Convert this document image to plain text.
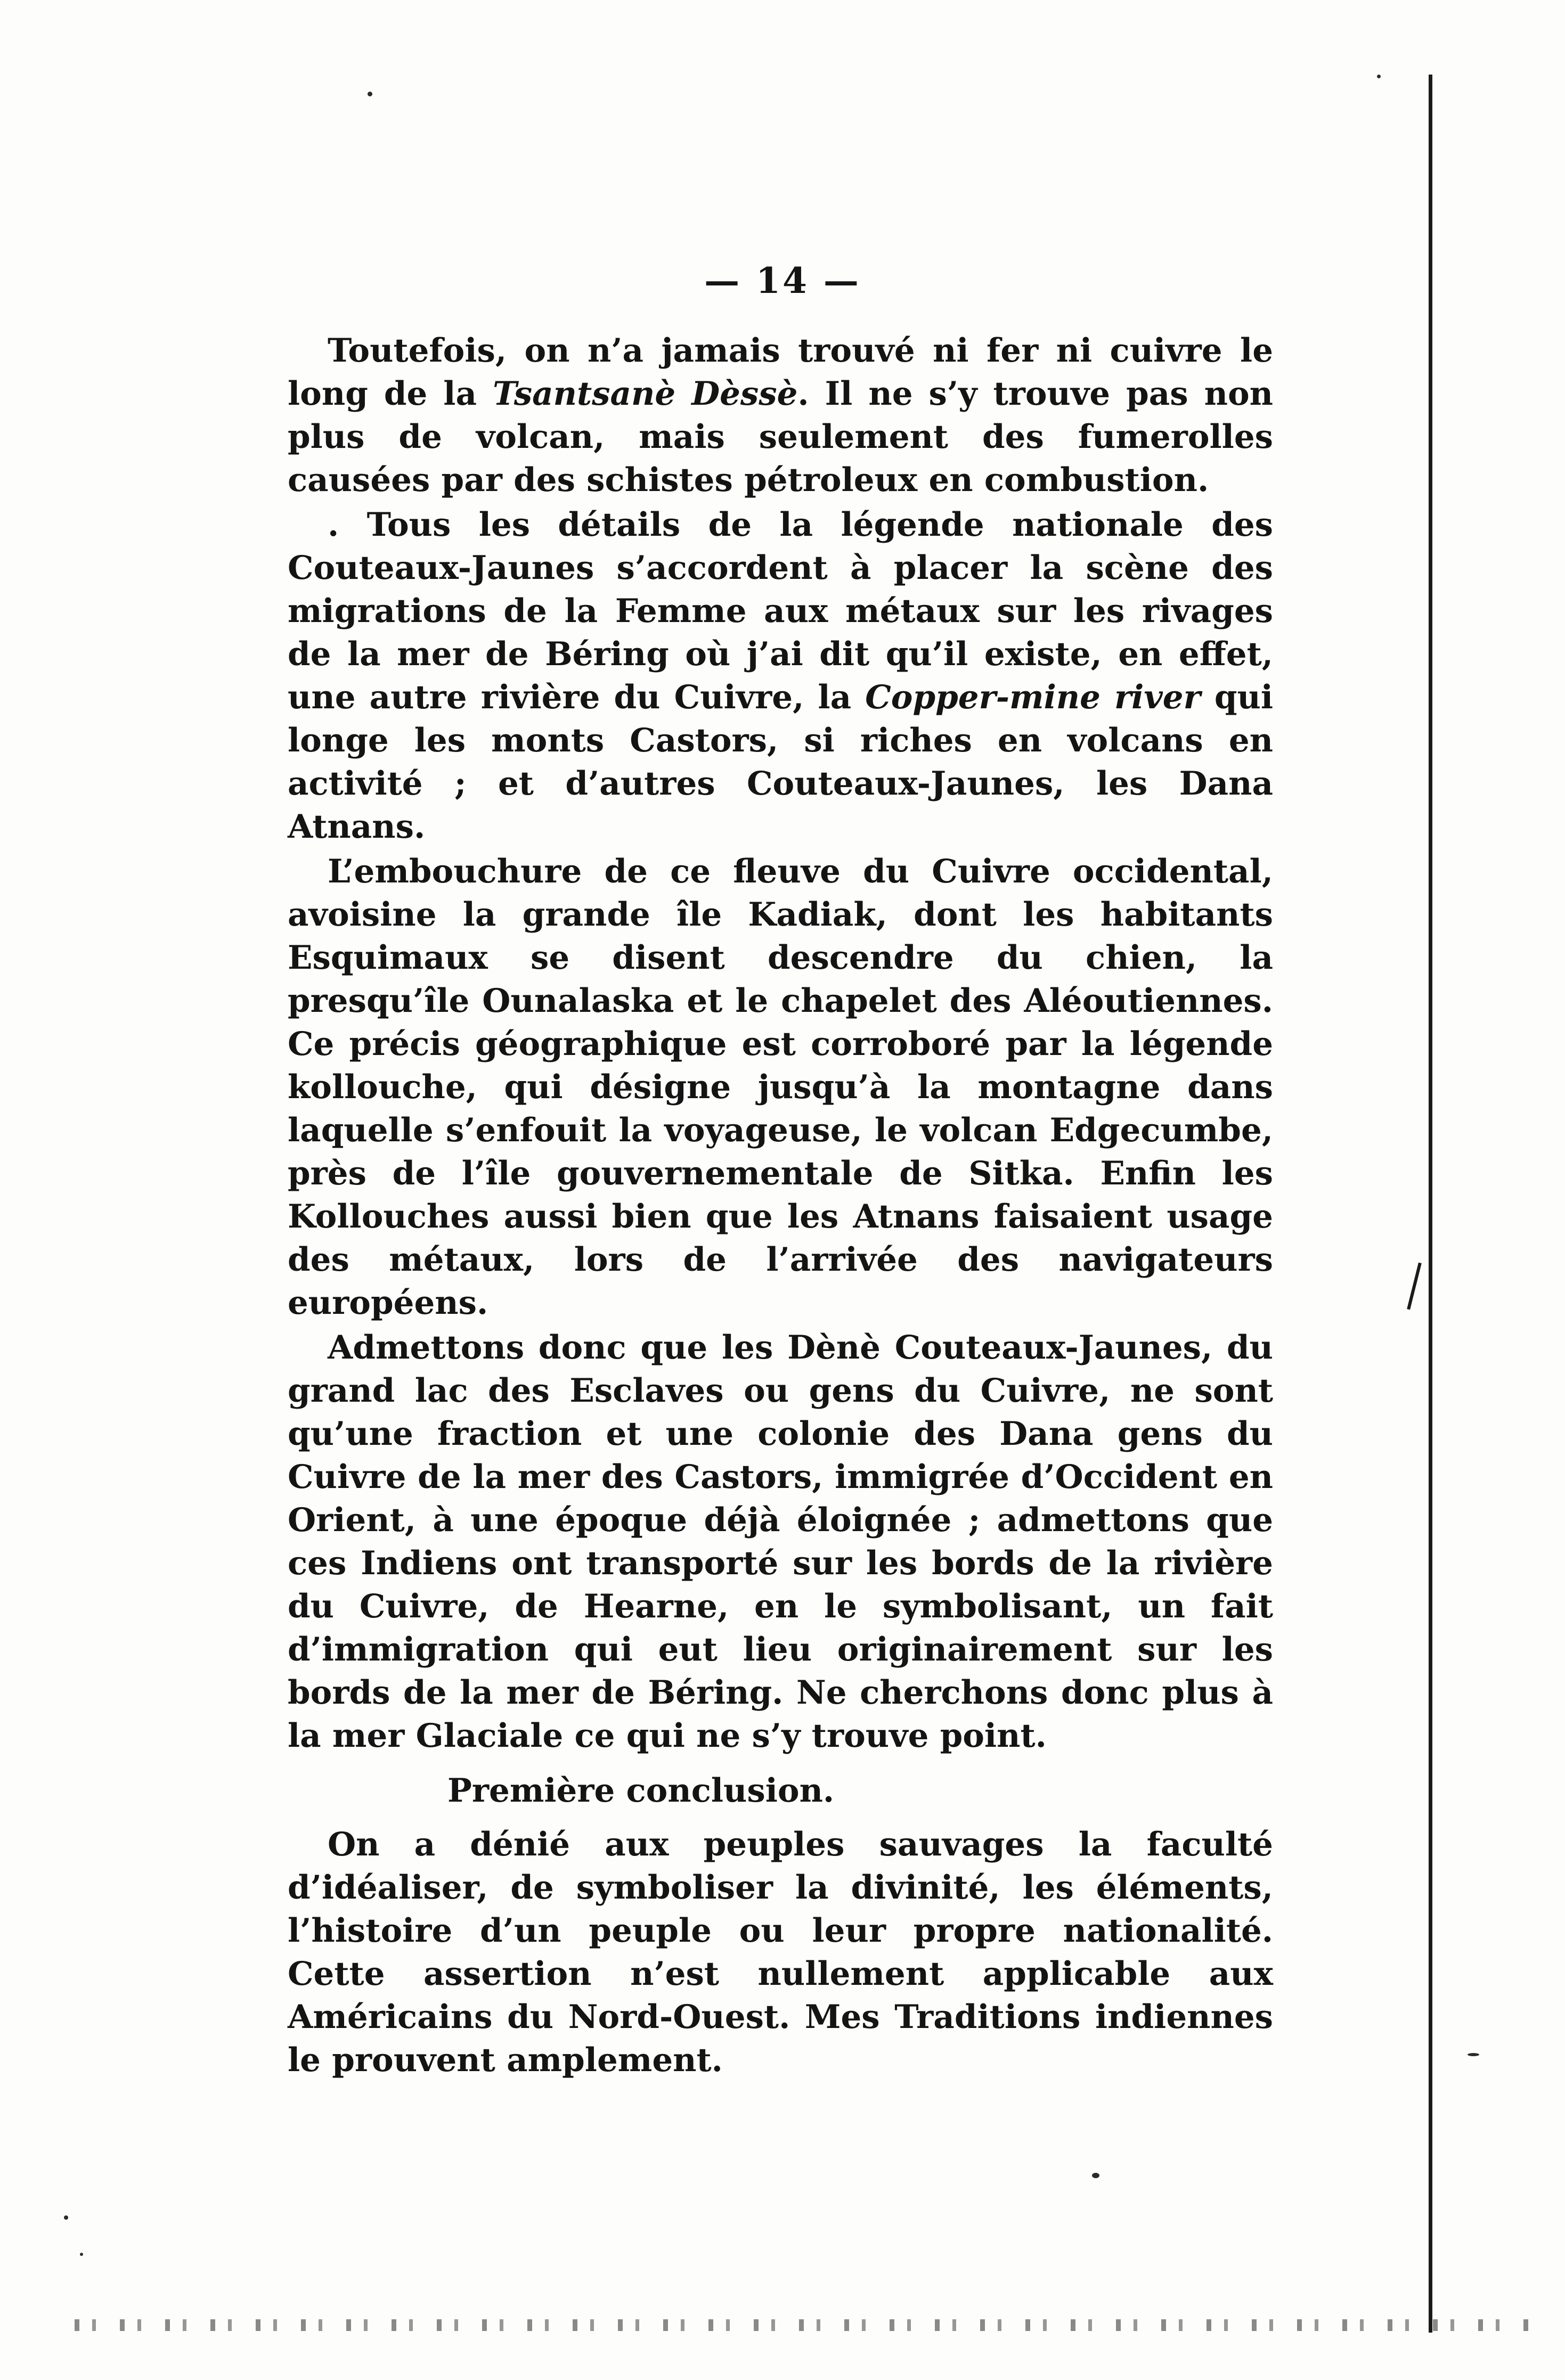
— 14 —

Toutefois, on n’a jamais trouvé ni fer ni cuivre le long de la Tsantsanè Dèssè. Il ne s’y trouve pas non plus de volcan, mais seulement des fumerolles causées par des schistes pétroleux en combustion.

. Tous les détails de la légende nationale des Couteaux-Jaunes s’accordent à placer la scène des migrations de la Femme aux métaux sur les rivages de la mer de Béring où j’ai dit qu’il existe, en effet, une autre rivière du Cuivre, la Copper-mine river qui longe les monts Castors, si riches en volcans en activité ; et d’autres Couteaux-Jaunes, les Dana Atnans.

L’embouchure de ce fleuve du Cuivre occidental, avoisine la grande île Kadiak, dont les habitants Esquimaux se disent descendre du chien, la presqu’île Ounalaska et le chapelet des Aléoutiennes. Ce précis géographique est corroboré par la légende kollouche, qui désigne jusqu’à la montagne dans laquelle s’enfouit la voyageuse, le volcan Edgecumbe, près de l’île gouvernementale de Sitka. Enfin les Kollouches aussi bien que les Atnans faisaient usage des métaux, lors de l’arrivée des navigateurs européens.

Admettons donc que les Dènè Couteaux-Jaunes, du grand lac des Esclaves ou gens du Cuivre, ne sont qu’une fraction et une colonie des Dana gens du Cuivre de la mer des Castors, immigrée d’Occident en Orient, à une époque déjà éloignée ; admettons que ces Indiens ont transporté sur les bords de la rivière du Cuivre, de Hearne, en le symbolisant, un fait d’immigration qui eut lieu originairement sur les bords de la mer de Béring. Ne cherchons donc plus à la mer Glaciale ce qui ne s’y trouve point.

Première conclusion.

On a dénié aux peuples sauvages la faculté d’idéaliser, de symboliser la divinité, les éléments, l’histoire d’un peuple ou leur propre nationalité. Cette assertion n’est nullement applicable aux Américains du Nord-Ouest. Mes Traditions indiennes le prouvent amplement.
